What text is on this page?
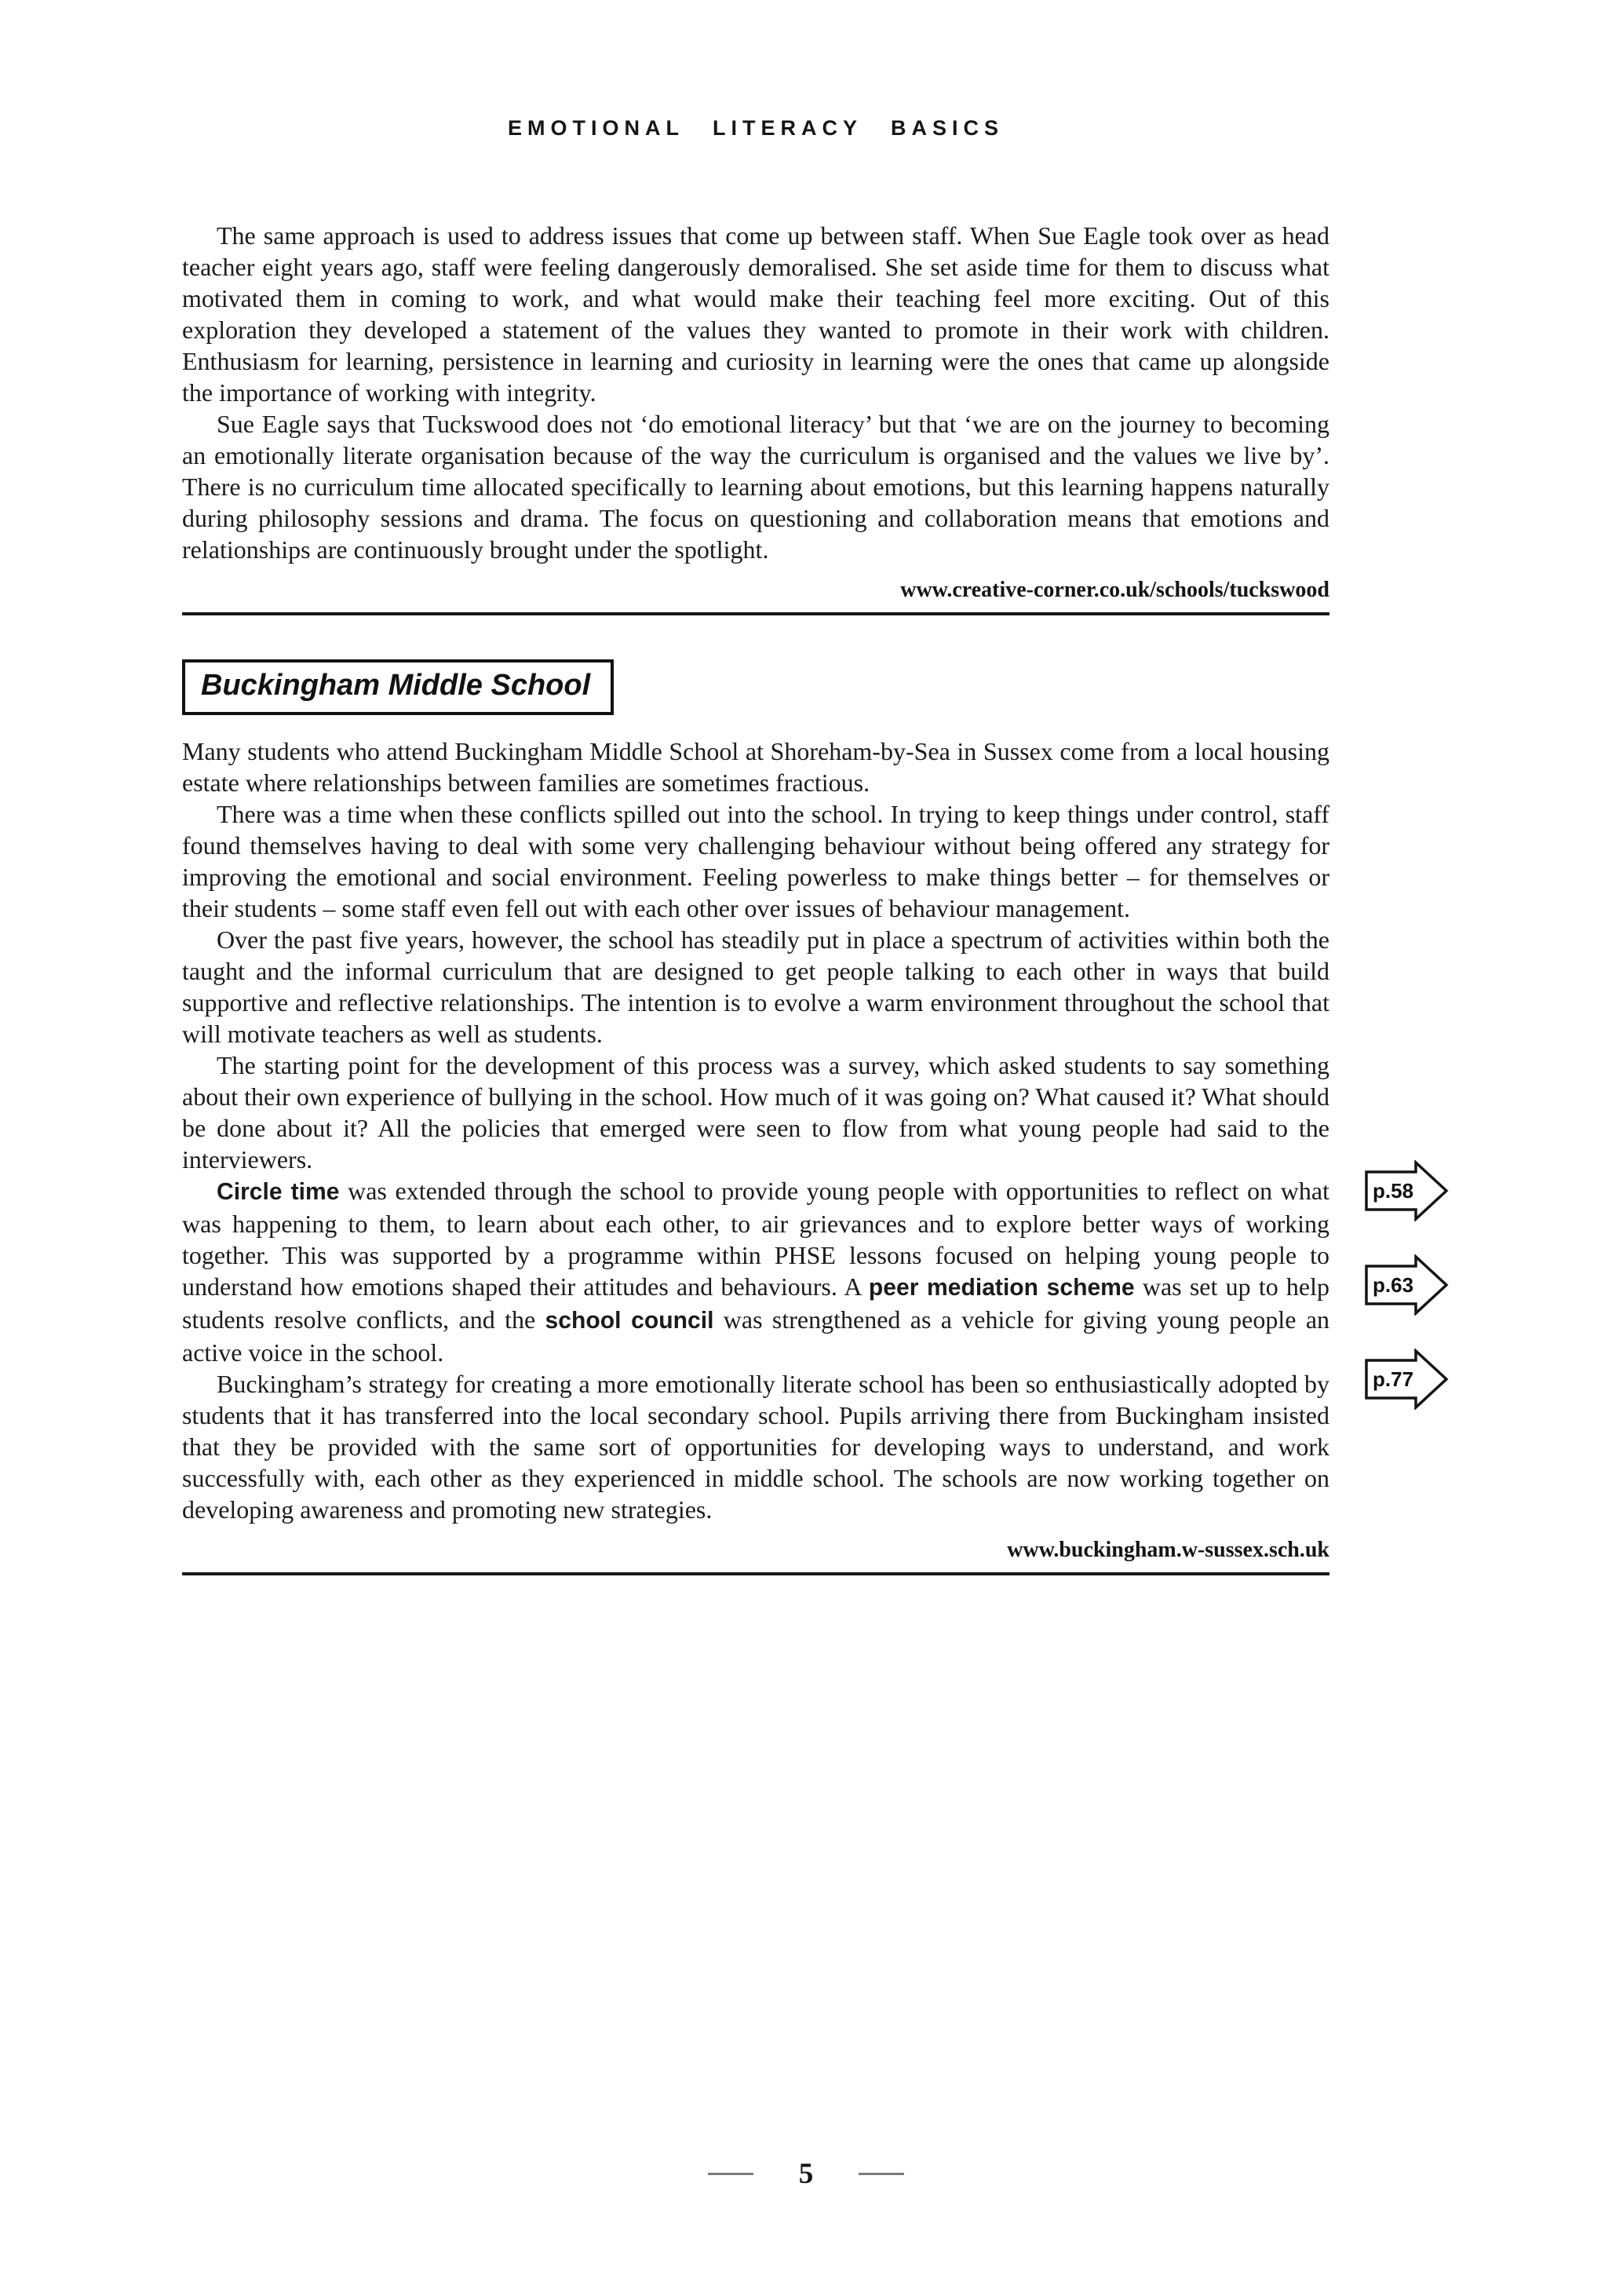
EMOTIONAL LITERACY BASICS

The same approach is used to address issues that come up between staff. When Sue Eagle took over as head teacher eight years ago, staff were feeling dangerously demoralised. She set aside time for them to discuss what motivated them in coming to work, and what would make their teaching feel more exciting. Out of this exploration they developed a statement of the values they wanted to promote in their work with children. Enthusiasm for learning, persistence in learning and curiosity in learning were the ones that came up alongside the importance of working with integrity.

Sue Eagle says that Tuckswood does not ‘do emotional literacy’ but that ‘we are on the journey to becoming an emotionally literate organisation because of the way the curriculum is organised and the values we live by’. There is no curriculum time allocated specifically to learning about emotions, but this learning happens naturally during philosophy sessions and drama. The focus on questioning and collaboration means that emotions and relationships are continuously brought under the spotlight.

www.creative-corner.co.uk/schools/tuckswood
Buckingham Middle School

Many students who attend Buckingham Middle School at Shoreham-by-Sea in Sussex come from a local housing estate where relationships between families are sometimes fractious.

There was a time when these conflicts spilled out into the school. In trying to keep things under control, staff found themselves having to deal with some very challenging behaviour without being offered any strategy for improving the emotional and social environment. Feeling powerless to make things better – for themselves or their students – some staff even fell out with each other over issues of behaviour management.

Over the past five years, however, the school has steadily put in place a spectrum of activities within both the taught and the informal curriculum that are designed to get people talking to each other in ways that build supportive and reflective relationships. The intention is to evolve a warm environment throughout the school that will motivate teachers as well as students.

The starting point for the development of this process was a survey, which asked students to say something about their own experience of bullying in the school. How much of it was going on? What caused it? What should be done about it? All the policies that emerged were seen to flow from what young people had said to the interviewers.

Circle time was extended through the school to provide young people with opportunities to reflect on what was happening to them, to learn about each other, to air grievances and to explore better ways of working together. This was supported by a programme within PHSE lessons focused on helping young people to understand how emotions shaped their attitudes and behaviours. A peer mediation scheme was set up to help students resolve conflicts, and the school council was strengthened as a vehicle for giving young people an active voice in the school.

Buckingham’s strategy for creating a more emotionally literate school has been so enthusiastically adopted by students that it has transferred into the local secondary school. Pupils arriving there from Buckingham insisted that they be provided with the same sort of opportunities for developing ways to understand, and work successfully with, each other as they experienced in middle school. The schools are now working together on developing awareness and promoting new strategies.

www.buckingham.w-sussex.sch.uk
p.58
p.63
p.77
5
